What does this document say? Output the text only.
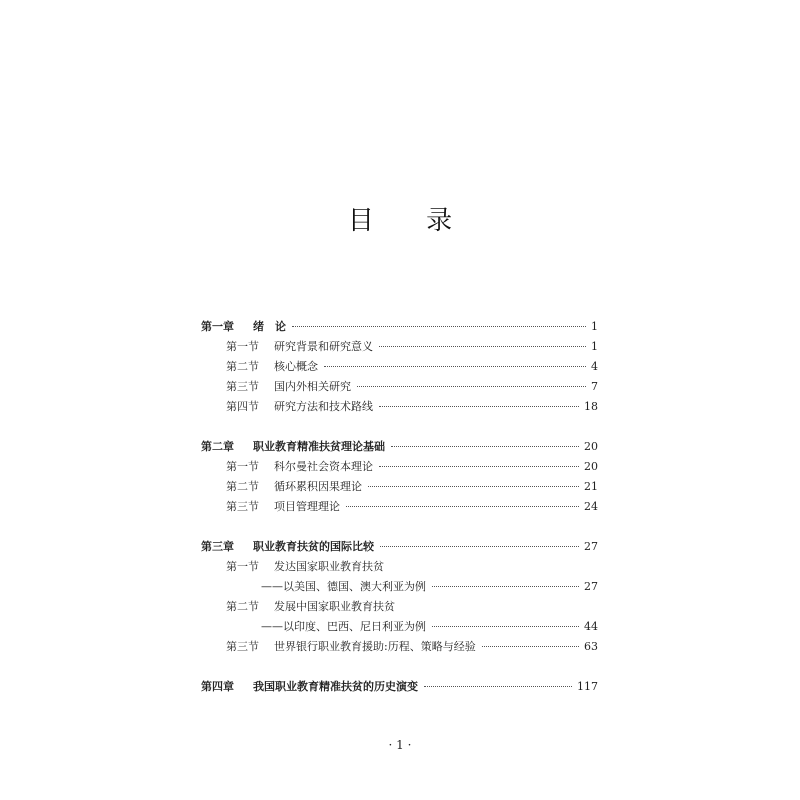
目 录
第一章	绪　论	1
第一节	研究背景和研究意义	1
第二节	核心概念	4
第三节	国内外相关研究	7
第四节	研究方法和技术路线	18
第二章	职业教育精准扶贫理论基础	20
第一节	科尔曼社会资本理论	20
第二节	循环累积因果理论	21
第三节	项目管理理论	24
第三章	职业教育扶贫的国际比较	27
第一节	发达国家职业教育扶贫
——以美国、德国、澳大利亚为例	27
第二节	发展中国家职业教育扶贫
——以印度、巴西、尼日利亚为例	44
第三节	世界银行职业教育援助:历程、策略与经验	63
第四章	我国职业教育精准扶贫的历史演变	117
· 1 ·
